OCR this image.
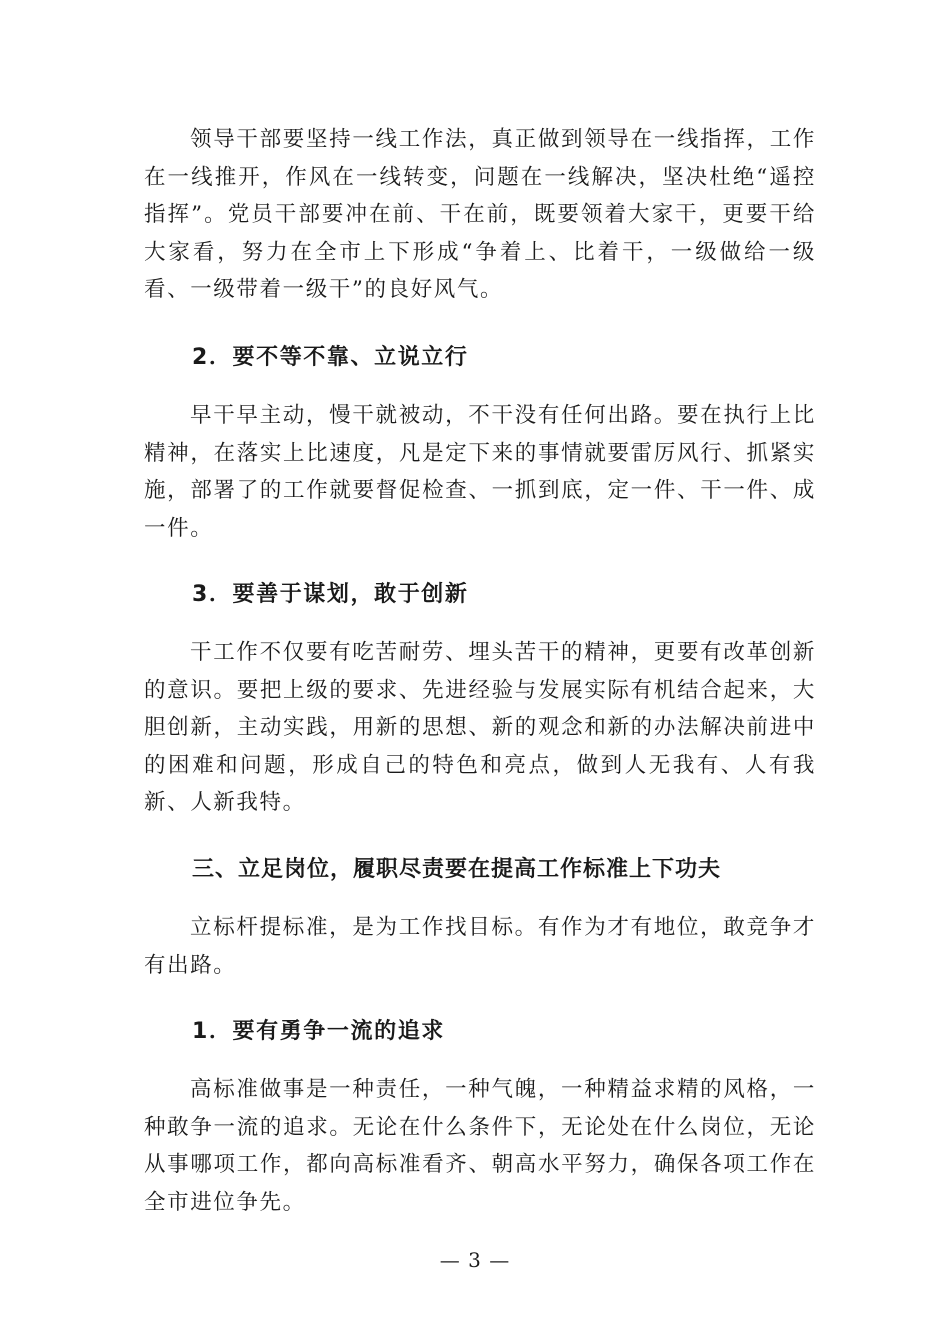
领导干部要坚持一线工作法，真正做到领导在一线指挥，工作在一线推开，作风在一线转变，问题在一线解决，坚决杜绝“遥控指挥”。党员干部要冲在前、干在前，既要领着大家干，更要干给大家看，努力在全市上下形成“争着上、比着干，一级做给一级看、一级带着一级干”的良好风气。

2．要不等不靠、立说立行

早干早主动，慢干就被动，不干没有任何出路。要在执行上比精神，在落实上比速度，凡是定下来的事情就要雷厉风行、抓紧实施，部署了的工作就要督促检查、一抓到底，定一件、干一件、成一件。

3．要善于谋划，敢于创新

干工作不仅要有吃苦耐劳、埋头苦干的精神，更要有改革创新的意识。要把上级的要求、先进经验与发展实际有机结合起来，大胆创新，主动实践，用新的思想、新的观念和新的办法解决前进中的困难和问题，形成自己的特色和亮点，做到人无我有、人有我新、人新我特。

三、立足岗位，履职尽责要在提高工作标准上下功夫

立标杆提标准，是为工作找目标。有作为才有地位，敢竞争才有出路。

1．要有勇争一流的追求

高标准做事是一种责任，一种气魄，一种精益求精的风格，一种敢争一流的追求。无论在什么条件下，无论处在什么岗位，无论从事哪项工作，都向高标准看齐、朝高水平努力，确保各项工作在全市进位争先。

— 3 —
